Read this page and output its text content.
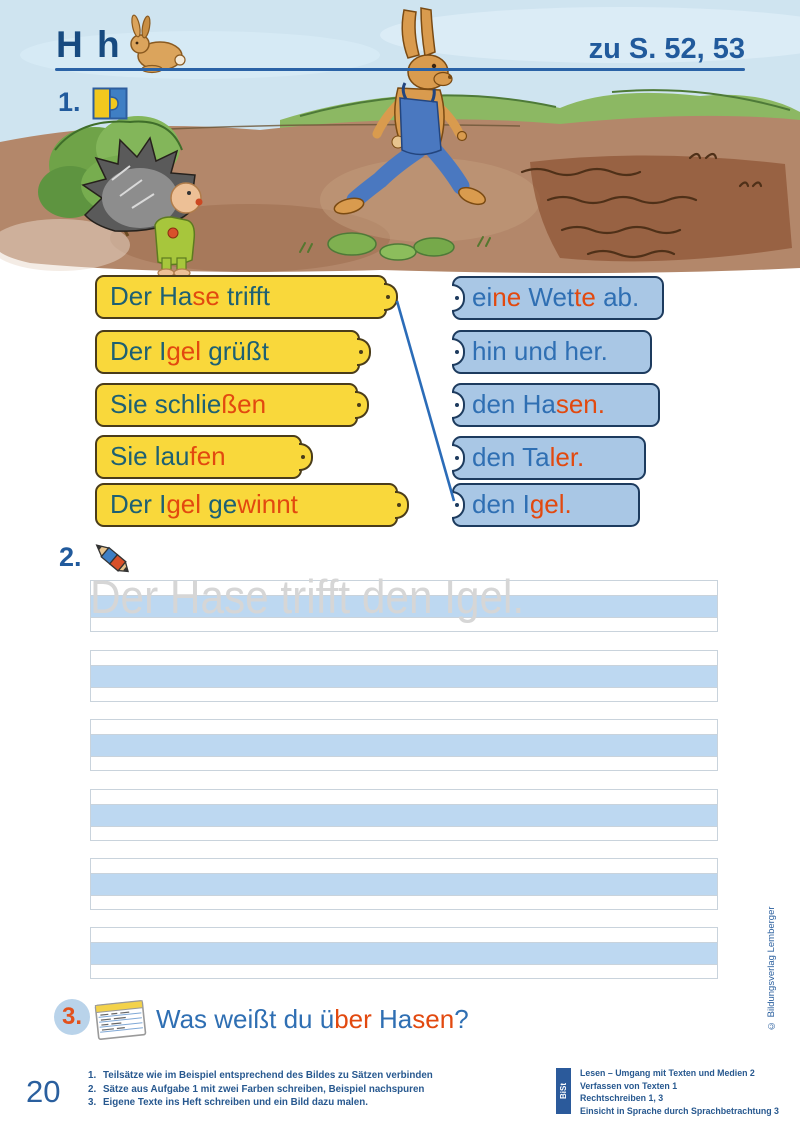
H h	zu S. 52, 53
1.
Der Hase trifft
Der Igel grüßt
Sie schließen
Sie laufen
Der Igel gewinnt
eine Wette ab.
hin und her.
den Hasen.
den Taler.
den Igel.
2.
Der Hase trifft den Igel.
3.	Was weißt du über Hasen?
20	1. Teilsätze wie im Beispiel entsprechend des Bildes zu Sätzen verbinden
2. Sätze aus Aufgabe 1 mit zwei Farben schreiben, Beispiel nachspuren
3. Eigene Texte ins Heft schreiben und ein Bild dazu malen.
BiSt
Lesen – Umgang mit Texten und Medien 2
Verfassen von Texten 1
Rechtschreiben 1, 3
Einsicht in Sprache durch Sprachbetrachtung 3
© Bildungsverlag Lemberger
